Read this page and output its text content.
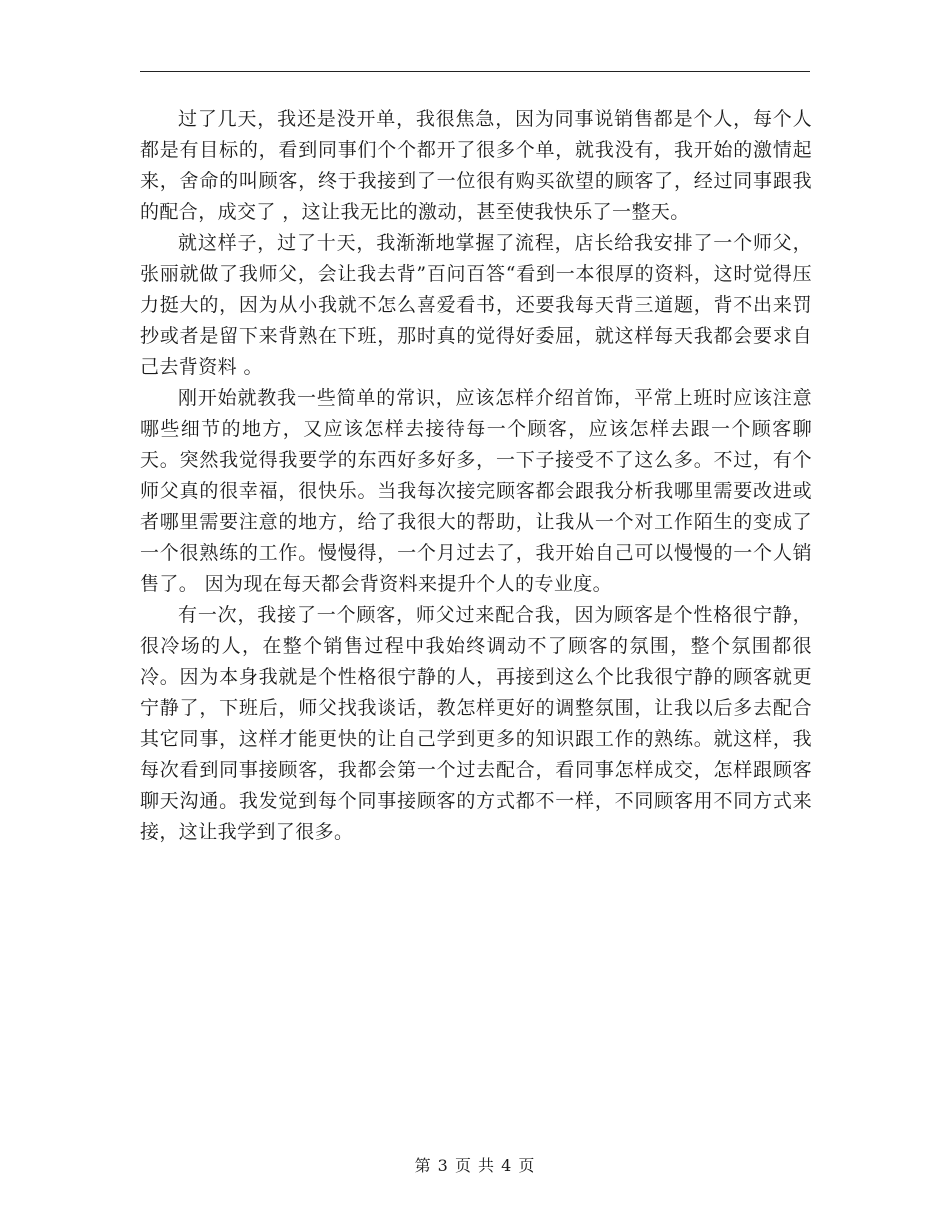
过了几天，我还是没开单，我很焦急，因为同事说销售都是个人，每个人都是有目标的，看到同事们个个都开了很多个单，就我没有，我开始的激情起来，舍命的叫顾客，终于我接到了一位很有购买欲望的顾客了，经过同事跟我的配合，成交了 ，这让我无比的激动，甚至使我快乐了一整天。

就这样子，过了十天，我渐渐地掌握了流程，店长给我安排了一个师父，张丽就做了我师父，会让我去背”百问百答“看到一本很厚的资料，这时觉得压力挺大的，因为从小我就不怎么喜爱看书，还要我每天背三道题，背不出来罚抄或者是留下来背熟在下班，那时真的觉得好委屈，就这样每天我都会要求自己去背资料 。

刚开始就教我一些简单的常识，应该怎样介绍首饰，平常上班时应该注意哪些细节的地方，又应该怎样去接待每一个顾客，应该怎样去跟一个顾客聊天。突然我觉得我要学的东西好多好多，一下子接受不了这么多。不过，有个师父真的很幸福，很快乐。当我每次接完顾客都会跟我分析我哪里需要改进或者哪里需要注意的地方，给了我很大的帮助，让我从一个对工作陌生的变成了一个很熟练的工作。慢慢得，一个月过去了，我开始自己可以慢慢的一个人销售了。 因为现在每天都会背资料来提升个人的专业度。

有一次，我接了一个顾客，师父过来配合我，因为顾客是个性格很宁静，很冷场的人，在整个销售过程中我始终调动不了顾客的氛围，整个氛围都很冷。因为本身我就是个性格很宁静的人，再接到这么个比我很宁静的顾客就更宁静了，下班后，师父找我谈话，教怎样更好的调整氛围，让我以后多去配合其它同事，这样才能更快的让自己学到更多的知识跟工作的熟练。就这样，我每次看到同事接顾客，我都会第一个过去配合，看同事怎样成交，怎样跟顾客聊天沟通。我发觉到每个同事接顾客的方式都不一样，不同顾客用不同方式来接，这让我学到了很多。

第 3 页 共 4 页
